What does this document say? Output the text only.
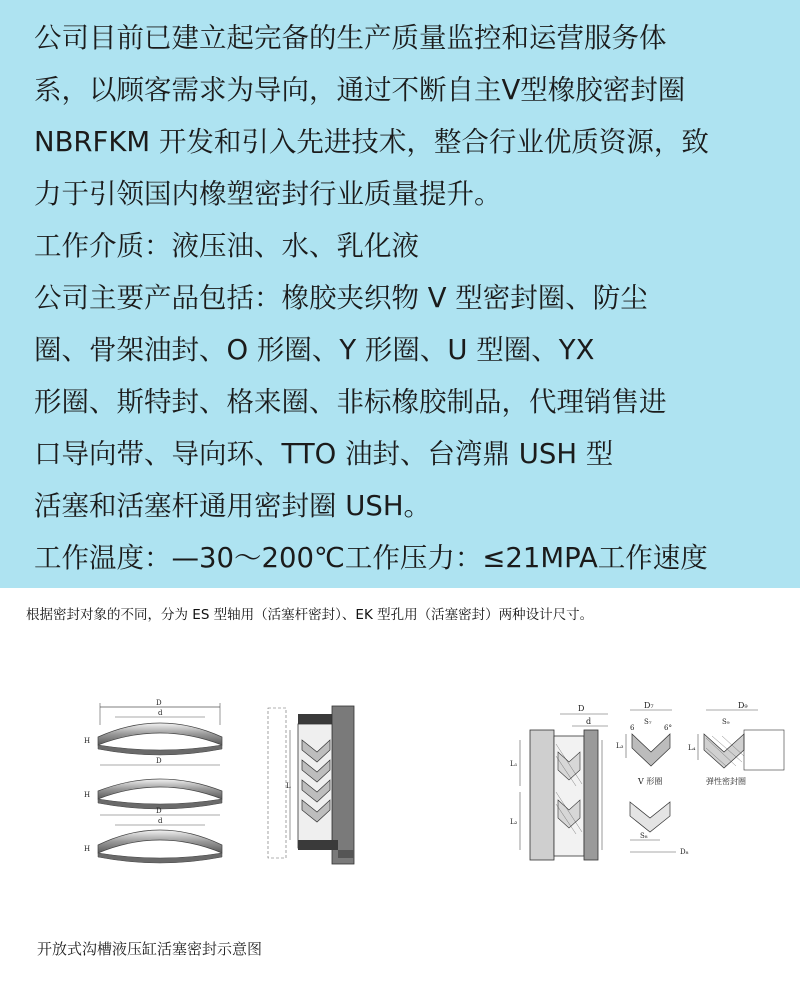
公司目前已建立起完备的生产质量监控和运营服务体
系，以顾客需求为导向，通过不断自主V型橡胶密封圈
NBRFKM 开发和引入先进技术，整合行业优质资源，致
力于引领国内橡塑密封行业质量提升。
工作介质：液压油、水、乳化液
公司主要产品包括：橡胶夹织物 V 型密封圈、防尘
圈、骨架油封、O 形圈、Y 形圈、U 型圈、YX
形圈、斯特封、格来圈、非标橡胶制品，代理销售进
口导向带、导向环、TTO 油封、台湾鼎 USH 型
活塞和活塞杆通用密封圈 USH。
工作温度：—30～200℃工作压力：≤21MPA工作速度
根据密封对象的不同，分为 ES 型轴用（活塞杆密封）、EK 型孔用（活塞密封）两种设计尺寸。
D
d
H
D
H
D
d
H
L
D
d
L₁
L₂
D₇
S₇
6	6°
L₃
V 形圈
S₈
D₈
D₉
S₉
L₄
弹性密封圈
开放式沟槽液压缸活塞密封示意图
